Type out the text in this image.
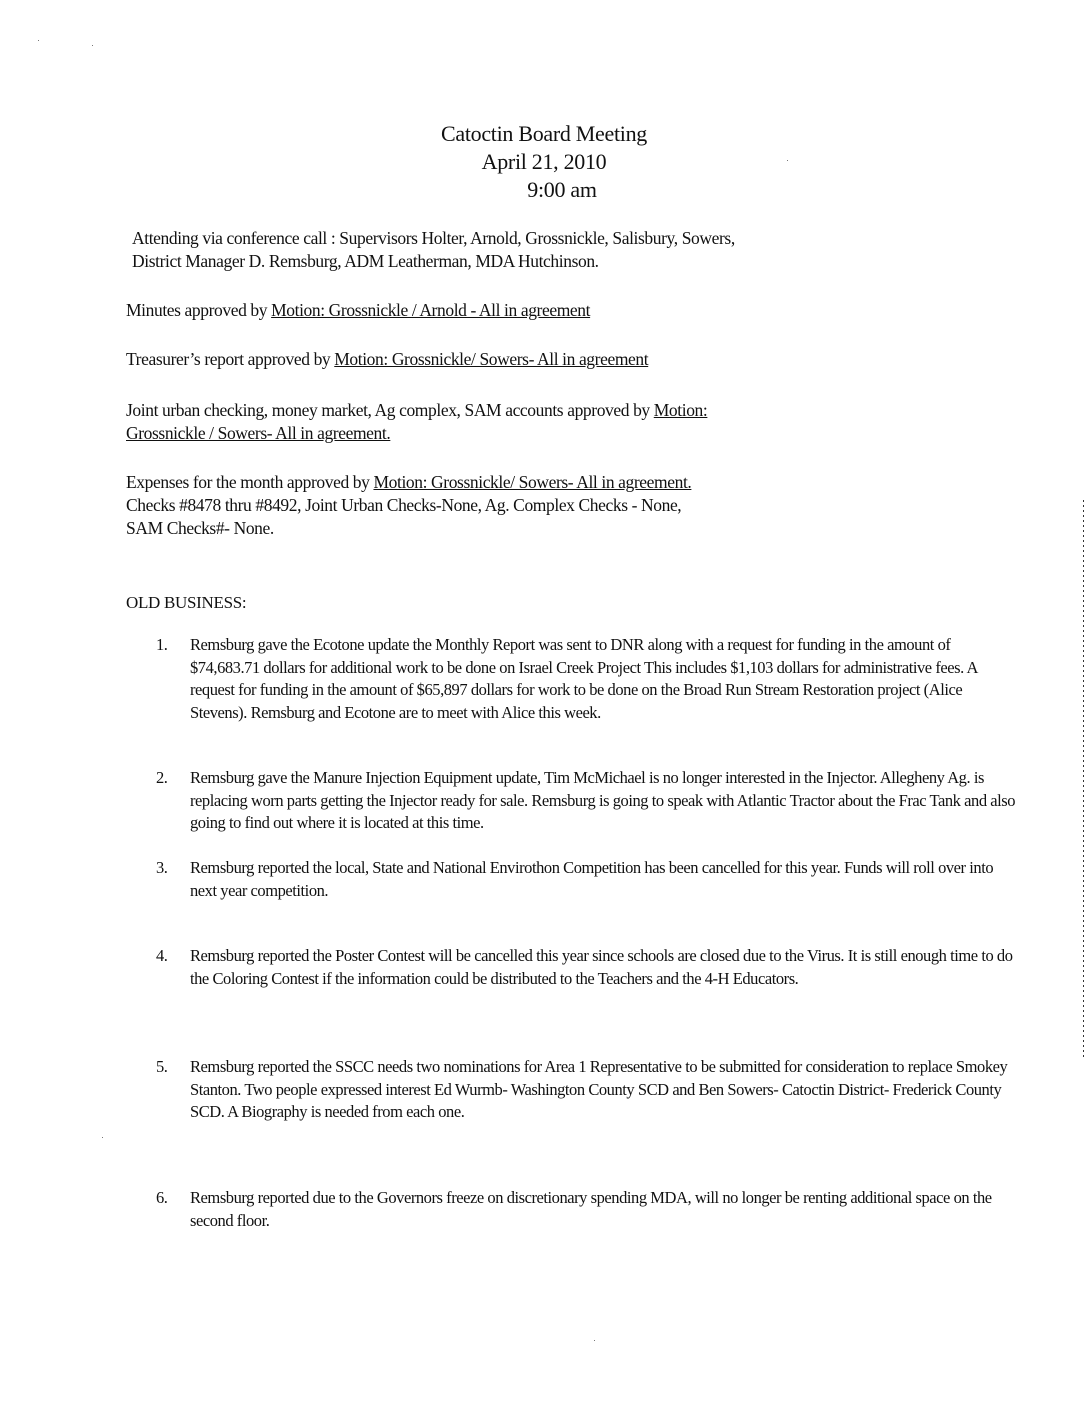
Catoctin Board Meeting
April 21, 2010
9:00 am
Attending via conference call : Supervisors Holter, Arnold, Grossnickle, Salisbury, Sowers,
District Manager D. Remsburg, ADM Leatherman, MDA Hutchinson.
Minutes approved by Motion: Grossnickle / Arnold - All in agreement
Treasurer’s report approved by Motion: Grossnickle/ Sowers- All in agreement
Joint urban checking, money market, Ag complex, SAM accounts approved by Motion:
Grossnickle / Sowers- All in agreement.
Expenses for the month approved by Motion: Grossnickle/ Sowers- All in agreement.
Checks #8478 thru #8492, Joint Urban Checks-None, Ag. Complex Checks - None,
SAM Checks#- None.
OLD BUSINESS:
1.	Remsburg gave the Ecotone update the Monthly Report was sent to DNR along with a request for funding in the amount of $74,683.71 dollars for additional work to be done on Israel Creek Project This includes $1,103 dollars for administrative fees. A request for funding in the amount of $65,897 dollars for work to be done on the Broad Run Stream Restoration project (Alice Stevens). Remsburg and Ecotone are to meet with Alice this week.
2.	Remsburg gave the Manure Injection Equipment update, Tim McMichael is no longer interested in the Injector. Allegheny Ag. is replacing worn parts getting the Injector ready for sale. Remsburg is going to speak with Atlantic Tractor about the Frac Tank and also going to find out where it is located at this time.
3.	Remsburg reported the local, State and National Envirothon Competition has been cancelled for this year. Funds will roll over into next year competition.
4.	Remsburg reported the Poster Contest will be cancelled this year since schools are closed due to the Virus. It is still enough time to do the Coloring Contest if the information could be distributed to the Teachers and the 4-H Educators.
5.	Remsburg reported the SSCC needs two nominations for Area 1 Representative to be submitted for consideration to replace Smokey Stanton. Two people expressed interest Ed Wurmb- Washington County SCD and Ben Sowers- Catoctin District- Frederick County SCD. A Biography is needed from each one.
6.	Remsburg reported due to the Governors freeze on discretionary spending MDA, will no longer be renting additional space on the second floor.
